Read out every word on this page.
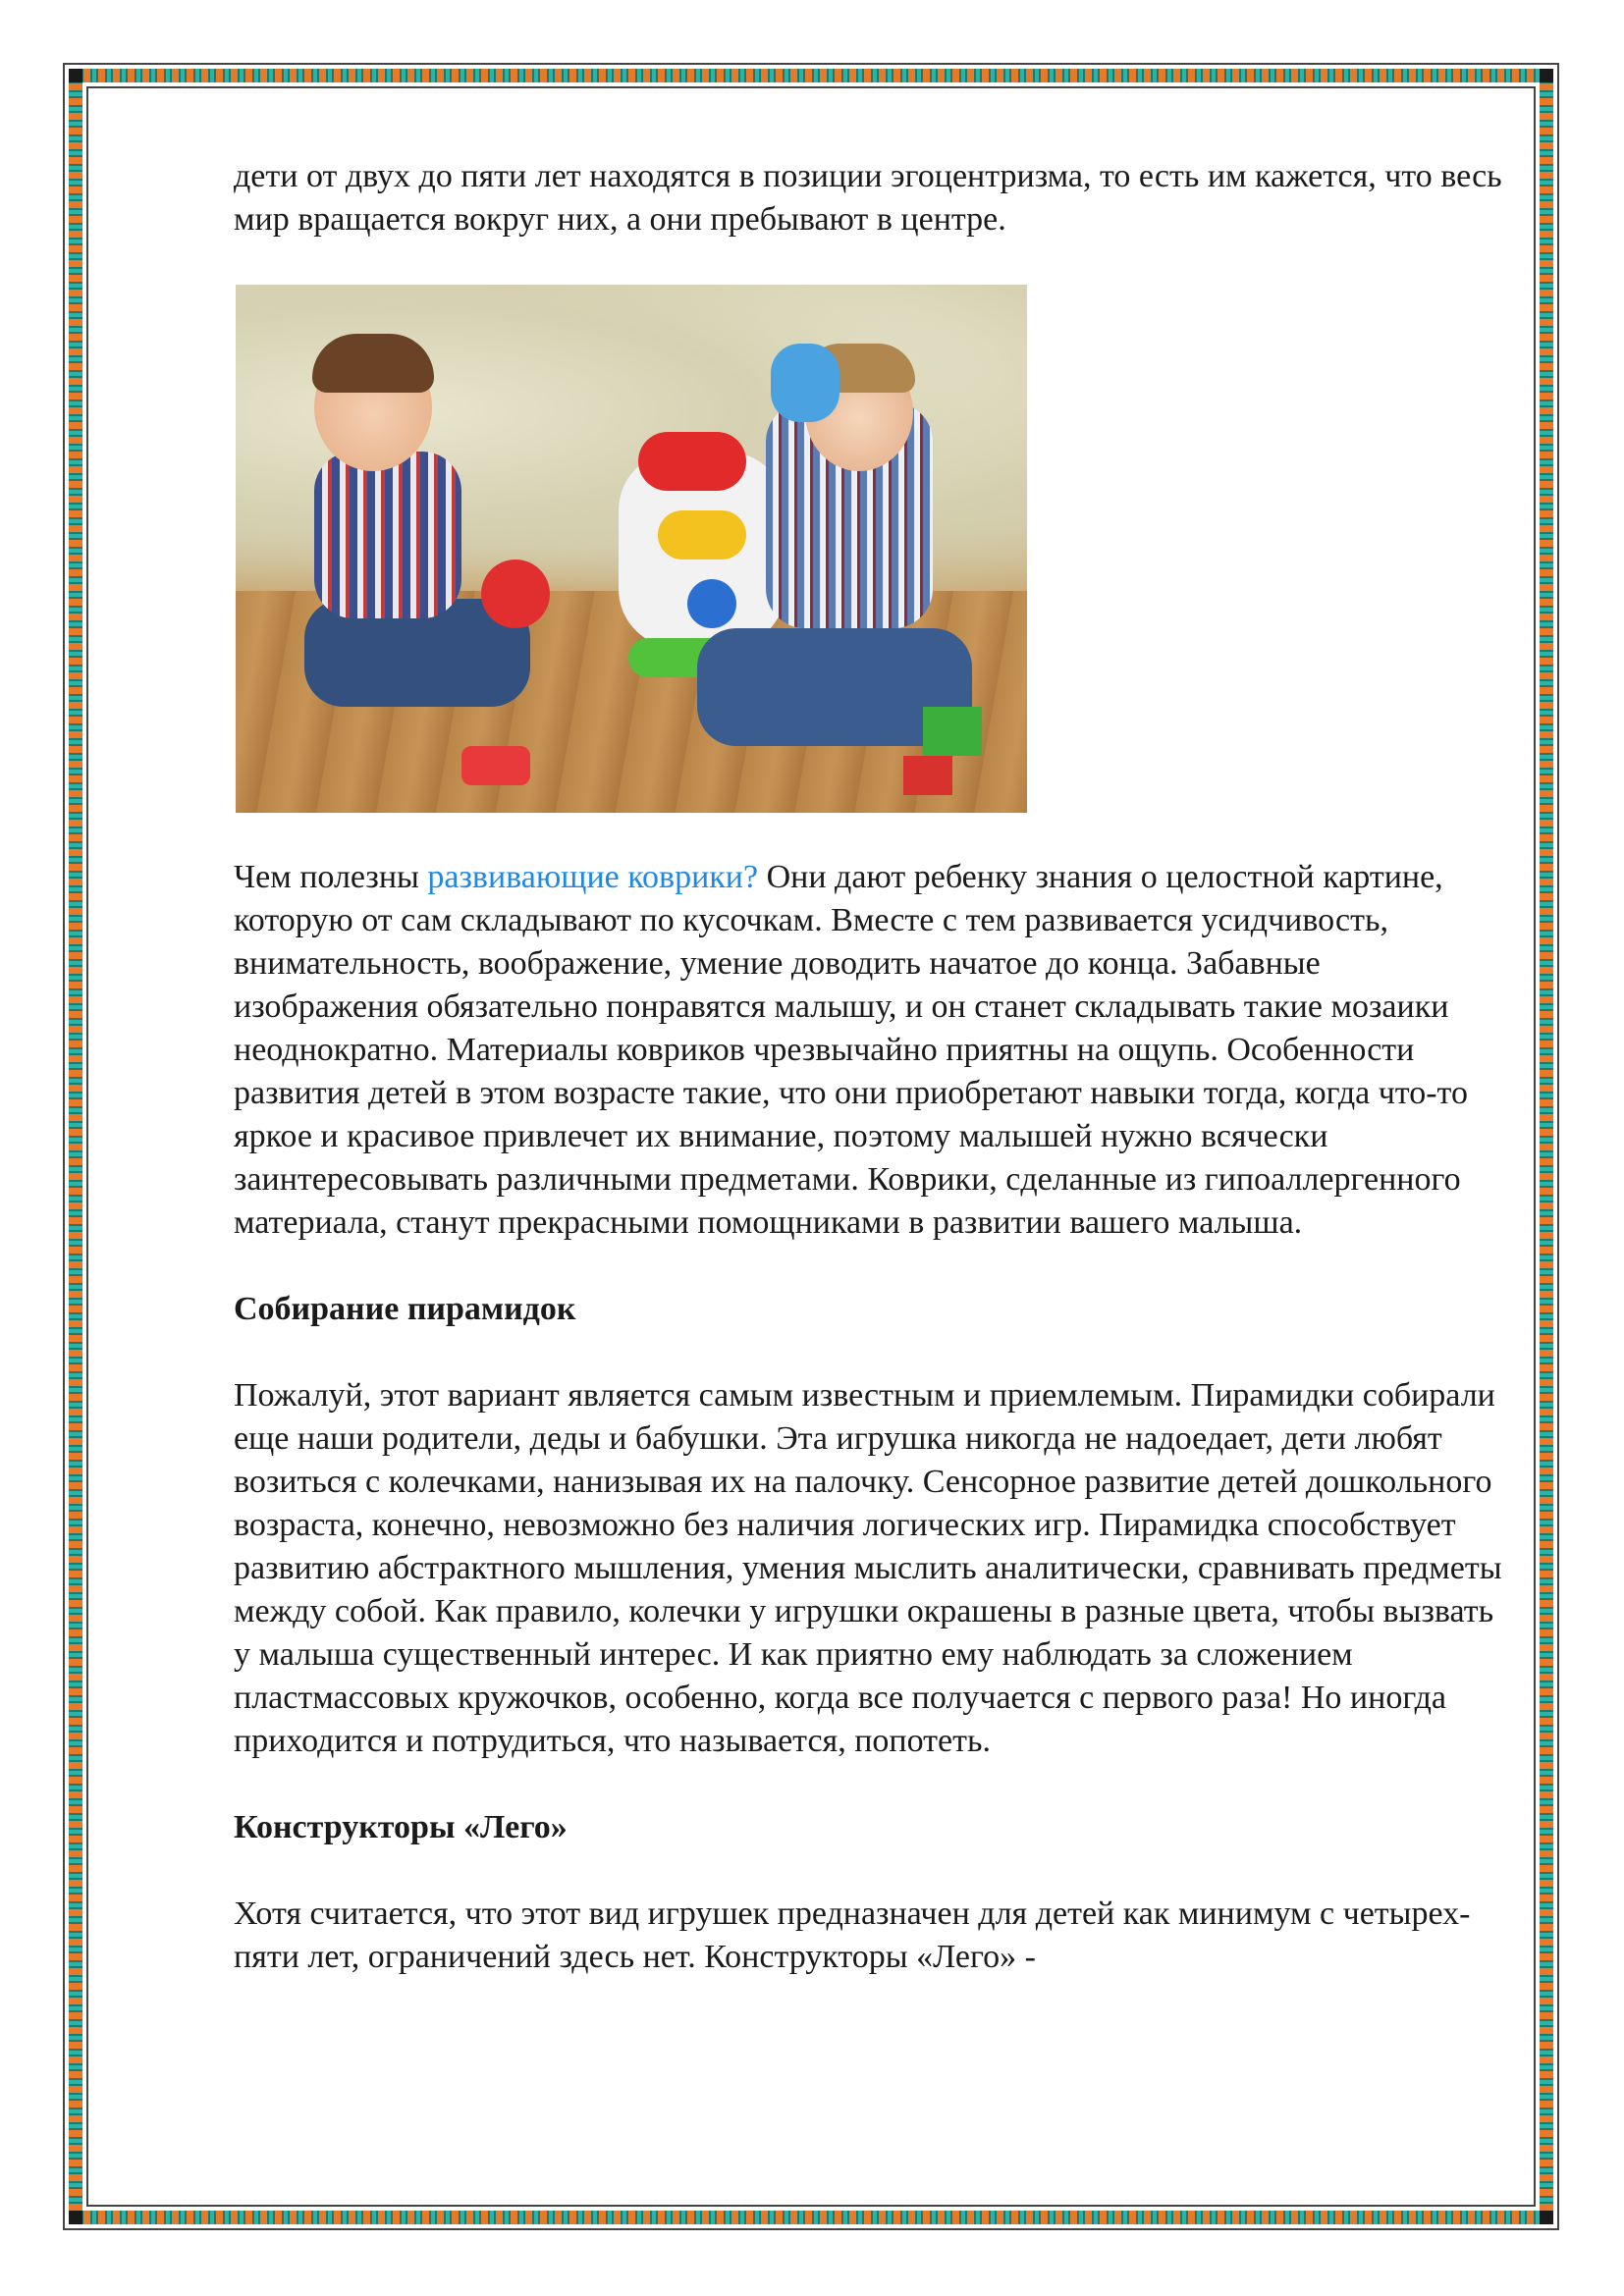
дети от двух до пяти лет находятся в позиции эгоцентризма, то есть им кажется, что весь мир вращается вокруг них, а они пребывают в центре.

Чем полезны развивающие коврики? Они дают ребенку знания о целостной картине, которую от сам складывают по кусочкам. Вместе с тем развивается усидчивость, внимательность, воображение, умение доводить начатое до конца. Забавные изображения обязательно понравятся малышу, и он станет складывать такие мозаики неоднократно. Материалы ковриков чрезвычайно приятны на ощупь. Особенности развития детей в этом возрасте такие, что они приобретают навыки тогда, когда что-то яркое и красивое привлечет их внимание, поэтому малышей нужно всячески заинтересовывать различными предметами. Коврики, сделанные из гипоаллергенного материала, станут прекрасными помощниками в развитии вашего малыша.

Собирание пирамидок

Пожалуй, этот вариант является самым известным и приемлемым. Пирамидки собирали еще наши родители, деды и бабушки. Эта игрушка никогда не надоедает, дети любят возиться с колечками, нанизывая их на палочку. Сенсорное развитие детей дошкольного возраста, конечно, невозможно без наличия логических игр. Пирамидка способствует развитию абстрактного мышления, умения мыслить аналитически, сравнивать предметы между собой. Как правило, колечки у игрушки окрашены в разные цвета, чтобы вызвать у малыша существенный интерес. И как приятно ему наблюдать за сложением пластмассовых кружочков, особенно, когда все получается с первого раза! Но иногда приходится и потрудиться, что называется, попотеть.

Конструкторы «Лего»

Хотя считается, что этот вид игрушек предназначен для детей как минимум с четырех-пяти лет, ограничений здесь нет. Конструкторы «Лего» -
